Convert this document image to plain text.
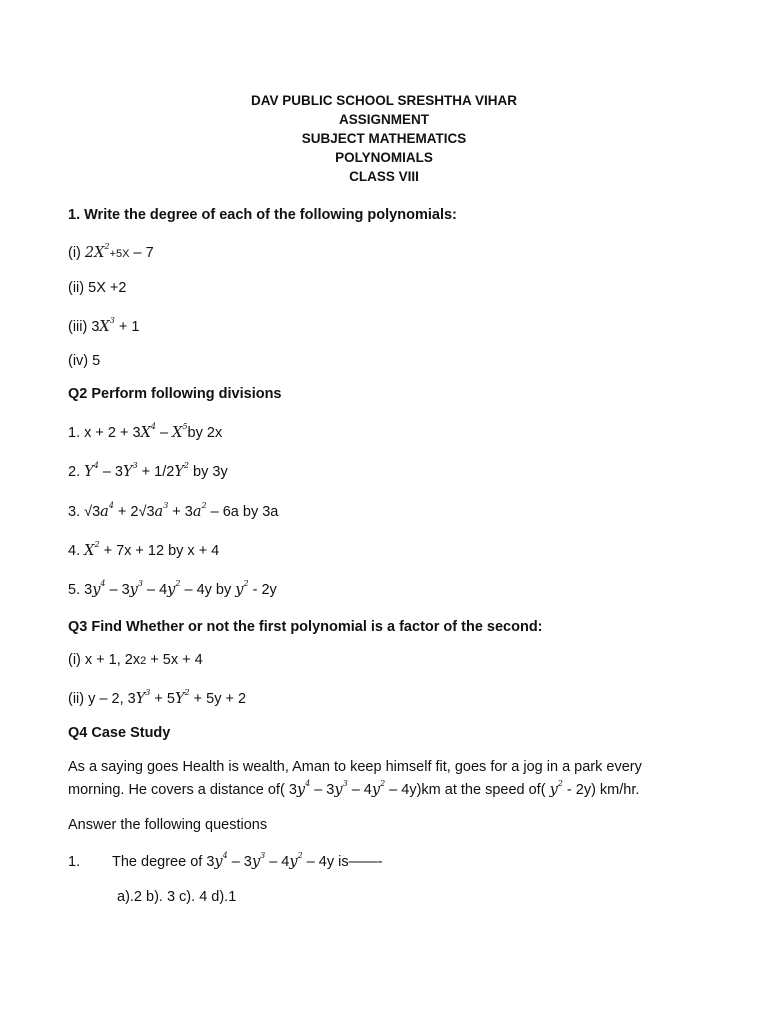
DAV PUBLIC SCHOOL SRESHTHA VIHAR
ASSIGNMENT
SUBJECT MATHEMATICS
POLYNOMIALS
CLASS VIII
1. Write the degree of each of the following polynomials:
(i) $2X^2+5X - 7$
(ii) 5X +2
(iii) $3X^3 + 1$
(iv) 5
Q2 Perform following divisions
1. $x + 2 + 3X^4 - X^5by$ 2x
2. $Y^4 - 3Y^3 + 1/2Y^2$ by 3y
3. $√3a^4 + 2√3a^3 + 3a^2 - 6a$ by 3a
4. $X^2 + 7x + 12$ by x + 4
5. $3y^4 - 3y^3 - 4y^2 - 4y$ by $y^2 - 2y$
Q3 Find Whether or not the first polynomial is a factor of the second:
(i) x + 1, 2x2 + 5x + 4
(ii) y – 2, $3Y^3 + 5Y^2 + 5y + 2$
Q4 Case Study
As a saying goes Health is wealth, Aman to keep himself fit, goes for a jog in a park every
morning. He covers a distance of( $3y^4 - 3y^3 - 4y^2 - 4y)km$ at the speed of( $y^2 - 2y$) km/hr.
Answer the following questions
1. The degree of $3y^4 - 3y^3 - 4y^2 - 4y$ is——-
a).2 b). 3 c). 4 d).1
